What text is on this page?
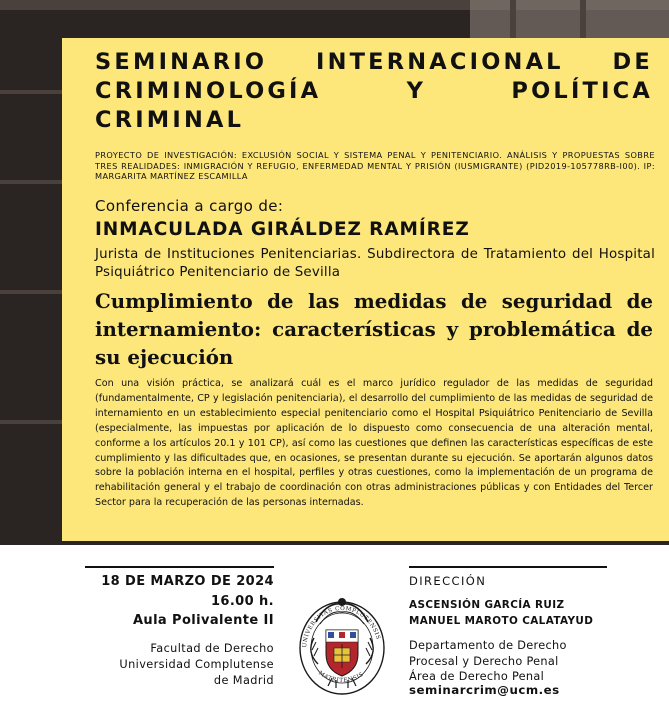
SEMINARIO INTERNACIONAL DE CRIMINOLOGÍA Y POLÍTICA CRIMINAL
PROYECTO DE INVESTIGACIÓN: EXCLUSIÓN SOCIAL Y SISTEMA PENAL Y PENITENCIARIO. ANÁLISIS Y PROPUESTAS SOBRE TRES REALIDADES: INMIGRACIÓN Y REFUGIO, ENFERMEDAD MENTAL Y PRISIÓN (IUSMIGRANTE) (PID2019-105778RB-I00). IP: MARGARITA MARTÍNEZ ESCAMILLA
Conferencia a cargo de:
INMACULADA GIRÁLDEZ RAMÍREZ
Jurista de Instituciones Penitenciarias. Subdirectora de Tratamiento del Hospital Psiquiátrico Penitenciario de Sevilla
Cumplimiento de las medidas de seguridad de internamiento: características y problemática de su ejecución
Con una visión práctica, se analizará cuál es el marco jurídico regulador de las medidas de seguridad (fundamentalmente, CP y legislación penitenciaria), el desarrollo del cumplimiento de las medidas de seguridad de internamiento en un establecimiento especial penitenciario como el Hospital Psiquiátrico Penitenciario de Sevilla (especialmente, las impuestas por aplicación de lo dispuesto como consecuencia de una alteración mental, conforme a los artículos 20.1 y 101 CP), así como las cuestiones que definen las características específicas de este cumplimiento y las dificultades que, en ocasiones, se presentan durante su ejecución. Se aportarán algunos datos sobre la población interna en el hospital, perfiles y otras cuestiones, como la implementación de un programa de rehabilitación general y el trabajo de coordinación con otras administraciones públicas y con Entidades del Tercer Sector para la recuperación de las personas internadas.
18 DE MARZO DE 2024
16.00 h.
Aula Polivalente II
Facultad de Derecho
Universidad Complutense
de Madrid
UNIVERSITAS COMPLUTENSIS
MATRITENSIS
DIRECCIÓN
ASCENSIÓN GARCÍA RUIZ
MANUEL MAROTO CALATAYUD
Departamento de Derecho
Procesal y Derecho Penal
Área de Derecho Penal
seminarcrim@ucm.es
